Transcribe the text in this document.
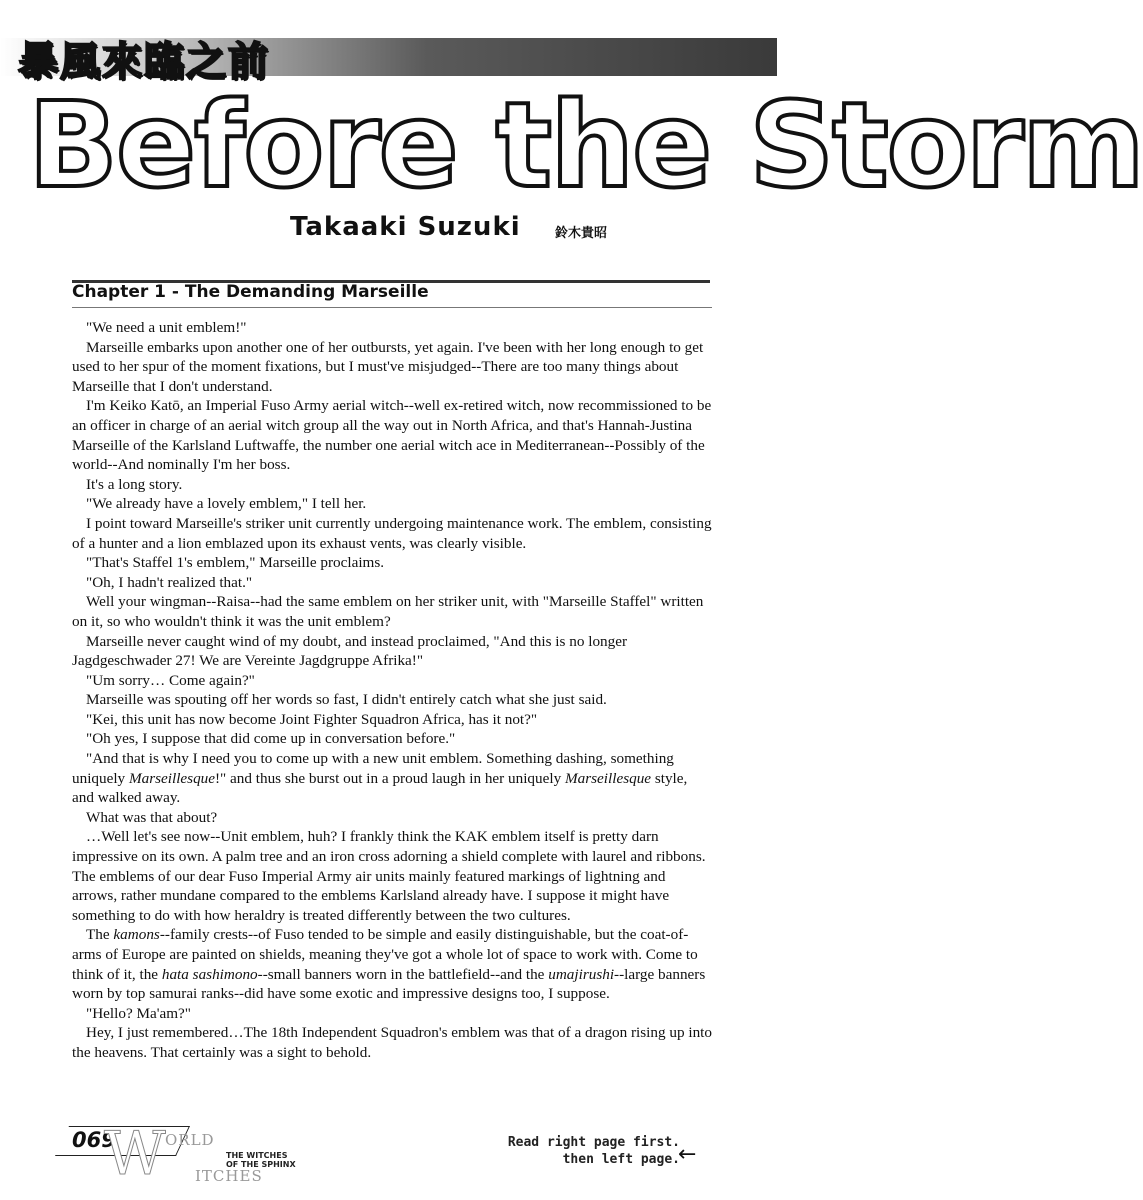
暴風來臨之前
Before the Storm
Takaaki Suzuki	鈴木貴昭
Chapter 1 - The Demanding Marseille

"We need a unit emblem!"

Marseille embarks upon another one of her outbursts, yet again. I've been with her long enough to get used to her spur of the moment fixations, but I must've misjudged--There are too many things about Marseille that I don't understand.

I'm Keiko Katō, an Imperial Fuso Army aerial witch--well ex-retired witch, now recommissioned to be an officer in charge of an aerial witch group all the way out in North Africa, and that's Hannah-Justina Marseille of the Karlsland Luftwaffe, the number one aerial witch ace in Mediterranean--Possibly of the world--And nominally I'm her boss.

It's a long story.

"We already have a lovely emblem," I tell her.

I point toward Marseille's striker unit currently undergoing maintenance work. The emblem, consisting of a hunter and a lion emblazed upon its exhaust vents, was clearly visible.

"That's Staffel 1's emblem," Marseille proclaims.

"Oh, I hadn't realized that."

Well your wingman--Raisa--had the same emblem on her striker unit, with "Marseille Staffel" written on it, so who wouldn't think it was the unit emblem?

Marseille never caught wind of my doubt, and instead proclaimed, "And this is no longer Jagdgeschwader 27! We are Vereinte Jagdgruppe Afrika!"

"Um sorry… Come again?"

Marseille was spouting off her words so fast, I didn't entirely catch what she just said.

"Kei, this unit has now become Joint Fighter Squadron Africa, has it not?"

"Oh yes, I suppose that did come up in conversation before."

"And that is why I need you to come up with a new unit emblem. Something dashing, something uniquely Marseillesque!" and thus she burst out in a proud laugh in her uniquely Marseillesque style, and walked away.

What was that about?

…Well let's see now--Unit emblem, huh? I frankly think the KAK emblem itself is pretty darn impressive on its own. A palm tree and an iron cross adorning a shield complete with laurel and ribbons. The emblems of our dear Fuso Imperial Army air units mainly featured markings of lightning and arrows, rather mundane compared to the emblems Karlsland already have. I suppose it might have something to do with how heraldry is treated differently between the two cultures.

The kamons--family crests--of Fuso tended to be simple and easily distinguishable, but the coat-of-arms of Europe are painted on shields, meaning they've got a whole lot of space to work with. Come to think of it, the hata sashimono--small banners worn in the battlefield--and the umajirushi--large banners worn by top samurai ranks--did have some exotic and impressive designs too, I suppose.

"Hello? Ma'am?"

Hey, I just remembered…The 18th Independent Squadron's emblem was that of a dragon rising up into the heavens. That certainly was a sight to behold.

069
W ORLD
ITCHES
THE WITCHES
OF THE SPHINX
Read right page first.
then left page.
←
